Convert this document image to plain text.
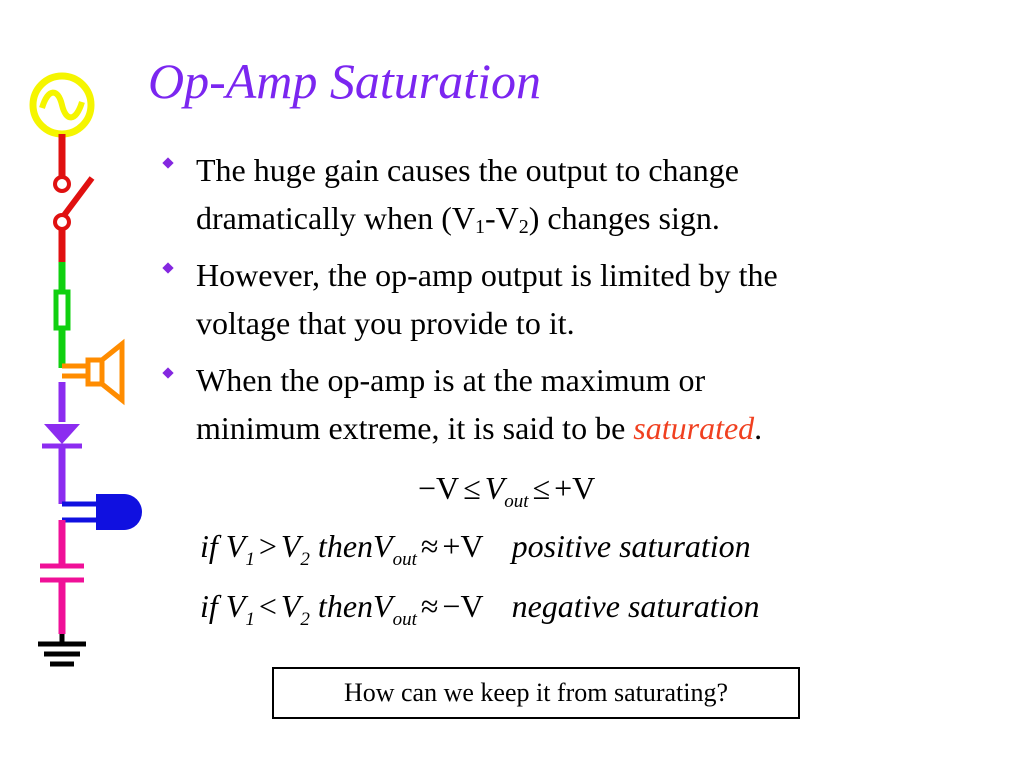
Op-Amp Saturation
The huge gain causes the output to change
dramatically when $(V_1-V_2)$ changes sign.
However, the op-amp output is limited by the
voltage that you provide to it.
When the op-amp is at the maximum or
minimum extreme, it is said to be saturated.
$-V \le V_{out} \le +V$
if $V_1 > V_2$ thenV$_{out}$ ≈ +V positive saturation
if $V_1 < V_2$ thenV$_{out}$ ≈ −V negative saturation
How can we keep it from saturating?
